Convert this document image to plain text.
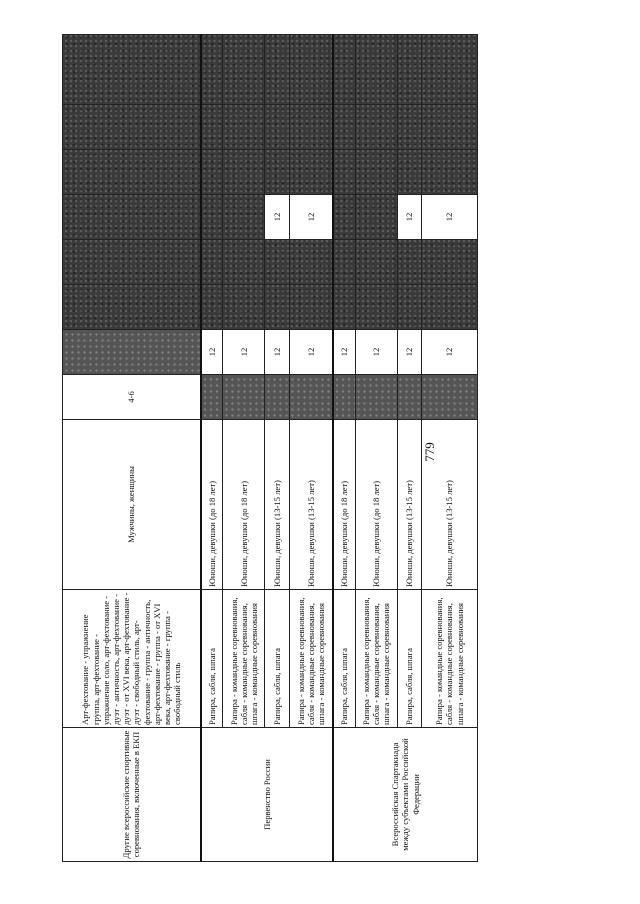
779
Другие всероссийские спортивные соревнования, включенные в ЕКП	Арт-фехтование - упражнение группа, арт-фехтование - упражнение соло, арт-фехтование - дуэт - античность, арт-фехтование - дуэт - от XVI века, арт-фехтование - дуэт - свободный стиль, арт-фехтование - группа - античность, арт-фехтование - группа - от XVI века, арт-фехтование - группа - свободный стиль	Мужчины, женщины	4-6							
Первенство России	Рапира, сабля, шпага	Юноши, девушки (до 18 лет)		12						
	Рапира - командные соревнования, сабля - командные соревнования, шпага - командные соревнования	Юноши, девушки (до 18 лет)		12						
	Рапира, сабля, шпага	Юноши, девушки (13-15 лет)		12			12			
	Рапира - командные соревнования, сабля - командные соревнования, шпага - командные соревнования	Юноши, девушки (13-15 лет)		12			12			
Всероссийская Спартакиада между субъектами Российской Федерации	Рапира, сабля, шпага	Юноши, девушки (до 18 лет)		12						
	Рапира - командные соревнования, сабля - командные соревнования, шпага - командные соревнования	Юноши, девушки (до 18 лет)		12						
	Рапира, сабля, шпага	Юноши, девушки (13-15 лет)		12			12			
	Рапира - командные соревнования, сабля - командные соревнования, шпага - командные соревнования	Юноши, девушки (13-15 лет)		12			12			
